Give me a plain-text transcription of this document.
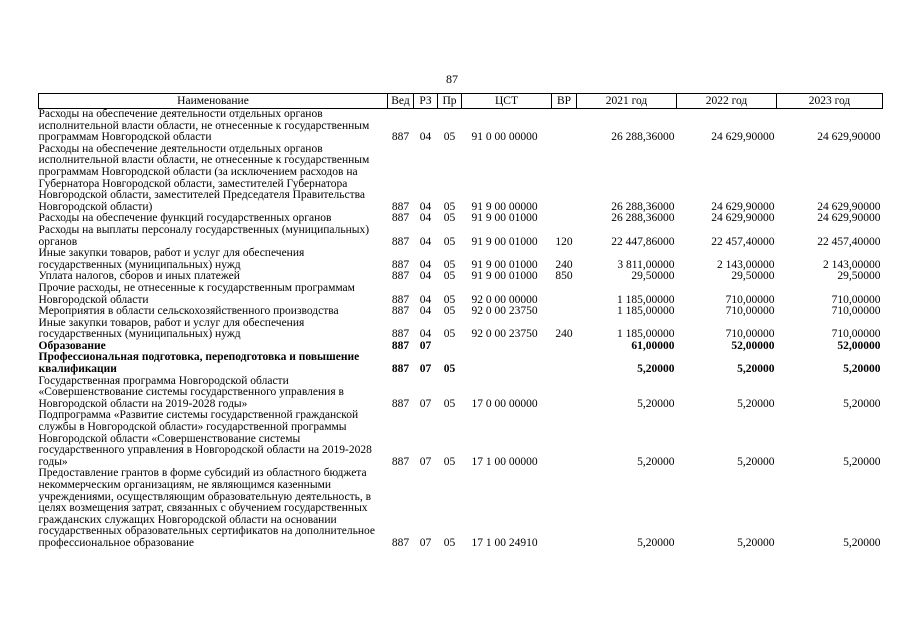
87
Наименование	Вед	РЗ	Пр	ЦСТ	ВР	2021 год	2022 год	2023 год
Расходы на обеспечение деятельности отдельных органов исполнительной власти области, не отнесенные к государственным программам Новгородской области	887	04	05	91 0 00 00000		26 288,36000	24 629,90000	24 629,90000
Расходы на обеспечение деятельности отдельных органов исполнительной власти области, не отнесенные к государственным программам Новгородской области (за исключением расходов на Губернатора Новгородской области, заместителей Губернатора Новгородской области, заместителей Председателя Правительства Новгородской области)	887	04	05	91 9 00 00000		26 288,36000	24 629,90000	24 629,90000
Расходы на обеспечение функций государственных органов	887	04	05	91 9 00 01000		26 288,36000	24 629,90000	24 629,90000
Расходы на выплаты персоналу государственных (муниципальных) органов	887	04	05	91 9 00 01000	120	22 447,86000	22 457,40000	22 457,40000
Иные закупки товаров, работ и услуг для обеспечения государственных (муниципальных) нужд	887	04	05	91 9 00 01000	240	3 811,00000	2 143,00000	2 143,00000
Уплата налогов, сборов и иных платежей	887	04	05	91 9 00 01000	850	29,50000	29,50000	29,50000
Прочие расходы, не отнесенные к государственным программам Новгородской области	887	04	05	92 0 00 00000		1 185,00000	710,00000	710,00000
Мероприятия в области сельскохозяйственного производства	887	04	05	92 0 00 23750		1 185,00000	710,00000	710,00000
Иные закупки товаров, работ и услуг для обеспечения государственных (муниципальных) нужд	887	04	05	92 0 00 23750	240	1 185,00000	710,00000	710,00000
Образование	887	07				61,00000	52,00000	52,00000
Профессиональная подготовка, переподготовка и повышение квалификации	887	07	05			5,20000	5,20000	5,20000
Государственная программа Новгородской области «Совершенствование системы государственного управления в Новгородской области на 2019-2028 годы»	887	07	05	17 0 00 00000		5,20000	5,20000	5,20000
Подпрограмма «Развитие системы государственной гражданской службы в Новгородской области» государственной программы Новгородской области «Совершенствование системы государственного управления в Новгородской области на 2019-2028 годы»	887	07	05	17 1 00 00000		5,20000	5,20000	5,20000
Предоставление грантов в форме субсидий из областного бюджета некоммерческим организациям, не являющимся казенными учреждениями, осуществляющим образовательную деятельность, в целях возмещения затрат, связанных с обучением государственных гражданских служащих Новгородской области на основании государственных образовательных сертификатов на дополнительное профессиональное образование	887	07	05	17 1 00 24910		5,20000	5,20000	5,20000
